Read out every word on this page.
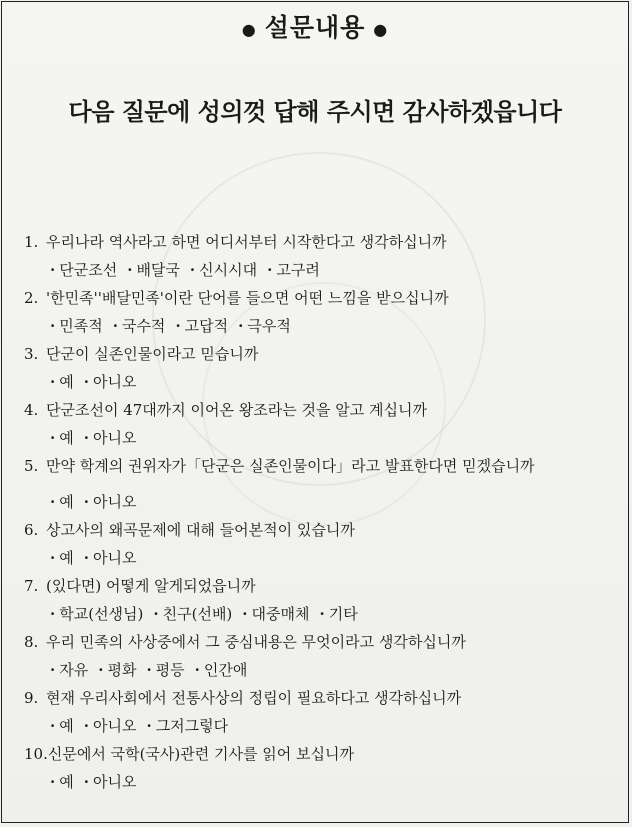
● 설문내용 ●
다음 질문에 성의껏 답해 주시면 감사하겠읍니다
1. 우리나라 역사라고 하면 어디서부터 시작한다고 생각하십니까
· 단군조선 · 배달국 · 신시시대 · 고구려
2. '한민족''배달민족'이란 단어를 들으면 어떤 느낌을 받으십니까
· 민족적 · 국수적 · 고답적 · 극우적
3. 단군이 실존인물이라고 믿습니까
· 예 · 아니오
4. 단군조선이 47대까지 이어온 왕조라는 것을 알고 계십니까
· 예 · 아니오
5. 만약 학계의 권위자가「단군은 실존인물이다」라고 발표한다면 믿겠습니까
· 예 · 아니오
6. 상고사의 왜곡문제에 대해 들어본적이 있습니까
· 예 · 아니오
7. (있다면) 어떻게 알게되었읍니까
· 학교(선생님) · 친구(선배) · 대중매체 · 기타
8. 우리 민족의 사상중에서 그 중심내용은 무엇이라고 생각하십니까
· 자유 · 평화 · 평등 · 인간애
9. 현재 우리사회에서 전통사상의 정립이 필요하다고 생각하십니까
· 예 · 아니오 · 그저그렇다
10.신문에서 국학(국사)관련 기사를 읽어 보십니까
· 예 · 아니오
